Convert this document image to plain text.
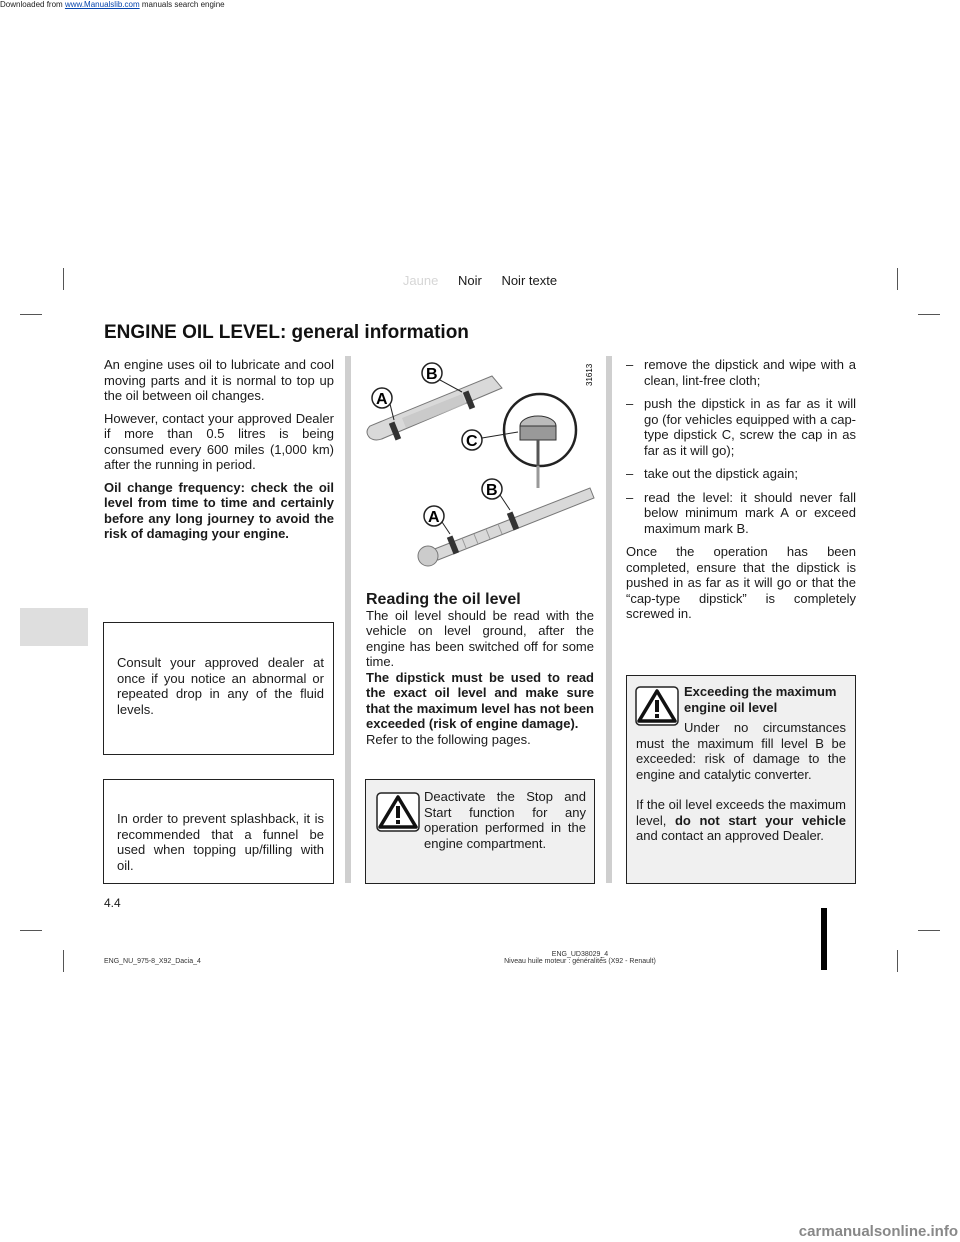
Downloaded from www.Manualslib.com manuals search engine
Jaune Noir Noir texte
ENGINE OIL LEVEL: general information

An engine uses oil to lubricate and cool moving parts and it is normal to top up the oil between oil changes.

However, contact your approved Dealer if more than 0.5 litres is being consumed every 600 miles (1,000 km) after the running in period.

Oil change frequency: check the oil level from time to time and certainly before any long journey to avoid the risk of damaging your engine.

Consult your approved dealer at once if you notice an abnormal or repeated drop in any of the fluid levels.
In order to prevent splashback, it is recommended that a funnel be used when topping up/filling with oil.
A
B
C
B
A
31613

Reading the oil level

The oil level should be read with the vehicle on level ground, after the engine has been switched off for some time.

The dipstick must be used to read the exact oil level and make sure that the maximum level has not been exceeded (risk of engine damage).

Refer to the following pages.

Deactivate the Stop and Start function for any operation performed in the engine compartment.
– remove the dipstick and wipe with a clean, lint-free cloth;
– push the dipstick in as far as it will go (for vehicles equipped with a cap-type dipstick C, screw the cap in as far as it will go);
– take out the dipstick again;
– read the level: it should never fall below minimum mark A or exceed maximum mark B.

Once the operation has been completed, ensure that the dipstick is pushed in as far as it will go or that the “cap-type dipstick” is completely screwed in.

Exceeding the maximum engine oil level
Under no circumstances must the maximum fill level B be exceeded: risk of damage to the engine and catalytic converter.
If the oil level exceeds the maximum level, do not start your vehicle and contact an approved Dealer.
4.4
ENG_NU_975-8_X92_Dacia_4
ENG_UD38029_4
Niveau huile moteur : généralités (X92 - Renault)
carmanualsonline.info
